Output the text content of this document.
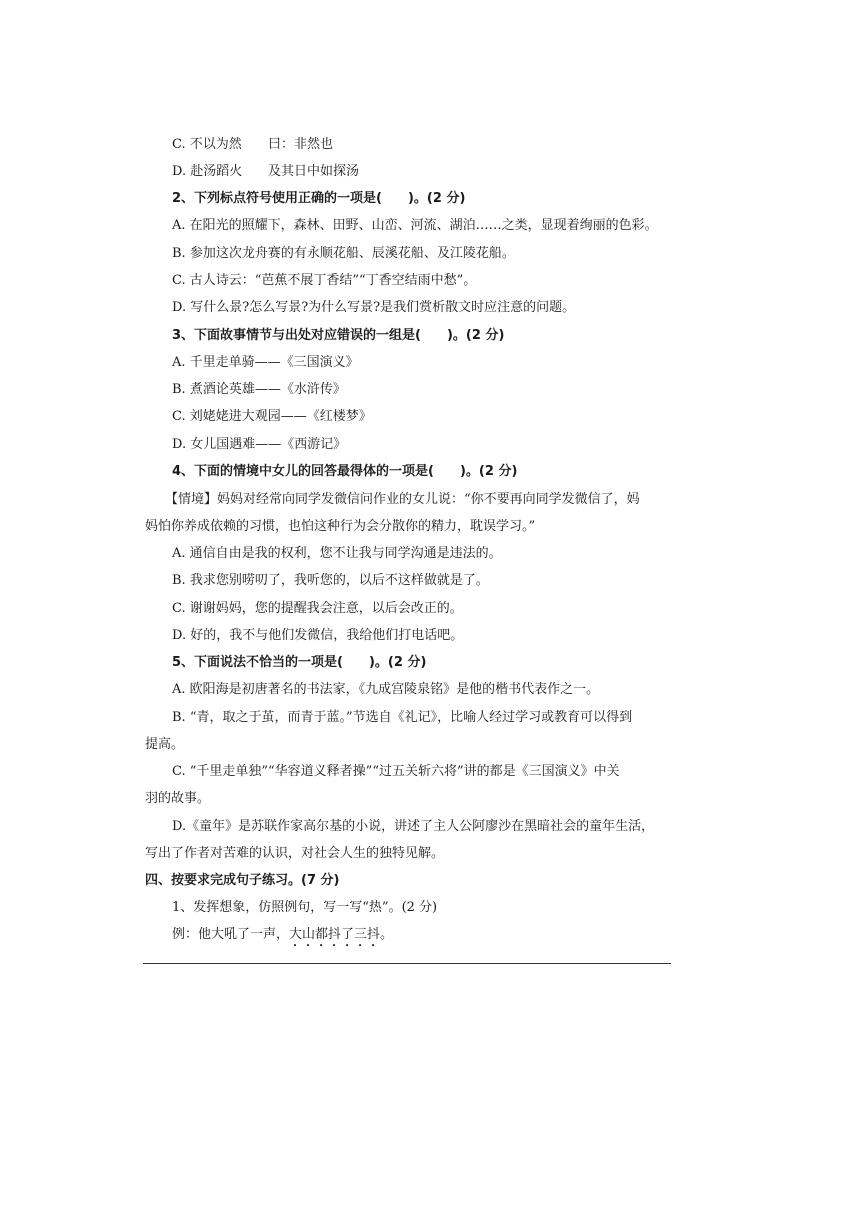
C. 不以为然 曰：非然也
D. 赴汤蹈火 及其日中如探汤
2、下列标点符号使用正确的一项是(　　)。(2 分)
A. 在阳光的照耀下，森林、田野、山峦、河流、湖泊……之类，显现着绚丽的色彩。
B. 参加这次龙舟赛的有永顺花船、辰溪花船、及江陵花船。
C. 古人诗云：“芭蕉不展丁香结”“丁香空结雨中愁”。
D. 写什么景?怎么写景?为什么写景?是我们赏析散文时应注意的问题。
3、下面故事情节与出处对应错误的一组是(　　)。(2 分)
A. 千里走单骑——《三国演义》
B. 煮酒论英雄——《水浒传》
C. 刘姥姥进大观园——《红楼梦》
D. 女儿国遇难——《西游记》
4、下面的情境中女儿的回答最得体的一项是(　　)。(2 分)
【情境】妈妈对经常向同学发微信问作业的女儿说：“你不要再向同学发微信了，妈
妈怕你养成依赖的习惯，也怕这种行为会分散你的精力，耽误学习。”
A. 通信自由是我的权利，您不让我与同学沟通是违法的。
B. 我求您别唠叨了，我听您的，以后不这样做就是了。
C. 谢谢妈妈，您的提醒我会注意，以后会改正的。
D. 好的，我不与他们发微信，我给他们打电话吧。
5、下面说法不恰当的一项是(　　)。(2 分)
A. 欧阳海是初唐著名的书法家，《九成宫陵泉铭》是他的楷书代表作之一。
B. “青，取之于茧，而青于蓝。”节选自《礼记》，比喻人经过学习或教育可以得到
提高。
C. “千里走单独”“华容道义释者操”“过五关斩六将”讲的都是《三国演义》中关
羽的故事。
D.《童年》是苏联作家高尔基的小说，讲述了主人公阿廖沙在黑暗社会的童年生活，
写出了作者对苦难的认识，对社会人生的独特见解。
四、按要求完成句子练习。(7 分)
1、发挥想象，仿照例句，写一写“热”。(2 分)
例：他大吼了一声，大山都抖了三抖。
